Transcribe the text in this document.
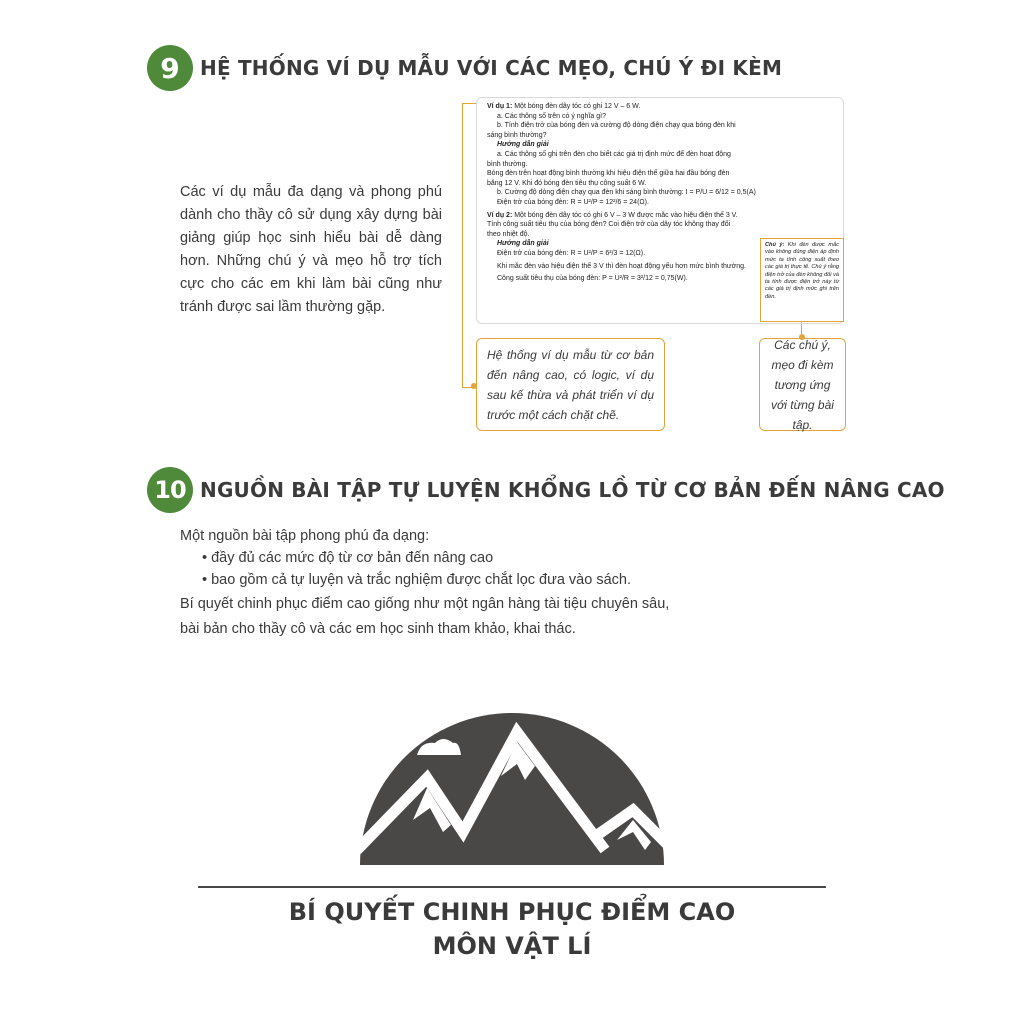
9	HỆ THỐNG VÍ DỤ MẪU VỚI CÁC MẸO, CHÚ Ý ĐI KÈM
Các ví dụ mẫu đa dạng và phong phú dành cho thầy cô sử dụng xây dựng bài giảng giúp học sinh hiểu bài dễ dàng hơn. Những chú ý và mẹo hỗ trợ tích cực cho các em khi làm bài cũng như tránh được sai lầm thường gặp.
Ví dụ 1: Một bóng đèn dây tóc có ghi 12 V – 6 W.
a. Các thông số trên có ý nghĩa gì?
b. Tính điện trở của bóng đèn và cường độ dòng điện chạy qua bóng đèn khi
sáng bình thường?
Hướng dẫn giải
a. Các thông số ghi trên đèn cho biết các giá trị định mức để đèn hoạt động
bình thường.
Bóng đèn trên hoạt động bình thường khi hiệu điện thế giữa hai đầu bóng đèn
bằng 12 V. Khi đó bóng đèn tiêu thụ công suất 6 W.
b. Cường độ dòng điện chạy qua đèn khi sáng bình thường: I = P/U = 6/12 = 0,5(A)
Điện trở của bóng đèn: R = U²/P = 12²/6 = 24(Ω).
Ví dụ 2: Một bóng đèn dây tóc có ghi 6 V – 3 W được mắc vào hiệu điện thế 3 V.
Tính công suất tiêu thụ của bóng đèn? Coi điện trở của dây tóc không thay đổi
theo nhiệt độ.
Hướng dẫn giải
Điện trở của bóng đèn: R = U²/P = 6²/3 = 12(Ω).
Khi mắc đèn vào hiệu điện thế 3 V thì đèn hoạt động yếu hơn mức bình thường.
Công suất tiêu thụ của bóng đèn: P = U²/R = 3²/12 = 0,75(W).
Chú ý: Khi đèn được mắc vào không đúng điện áp định mức ta tính công suất theo các giá trị thực tế. Chú ý rằng điện trở của đèn không đổi và ta tính được điện trở này từ các giá trị định mức ghi trên đèn.
Hệ thống ví dụ mẫu từ cơ bản đến nâng cao, có logic, ví dụ sau kế thừa và phát triển ví dụ trước một cách chặt chẽ.
Các chú ý, mẹo đi kèm tương ứng với từng bài tập.
10 NGUỒN BÀI TẬP TỰ LUYỆN KHỔNG LỒ TỪ CƠ BẢN ĐẾN NÂNG CAO
Một nguồn bài tập phong phú đa dạng:
• đầy đủ các mức độ từ cơ bản đến nâng cao
• bao gồm cả tự luyện và trắc nghiệm được chắt lọc đưa vào sách.
Bí quyết chinh phục điểm cao giống như một ngân hàng tài tiệu chuyên sâu,
bài bản cho thầy cô và các em học sinh tham khảo, khai thác.
BÍ QUYẾT CHINH PHỤC ĐIỂM CAO
MÔN VẬT LÍ
